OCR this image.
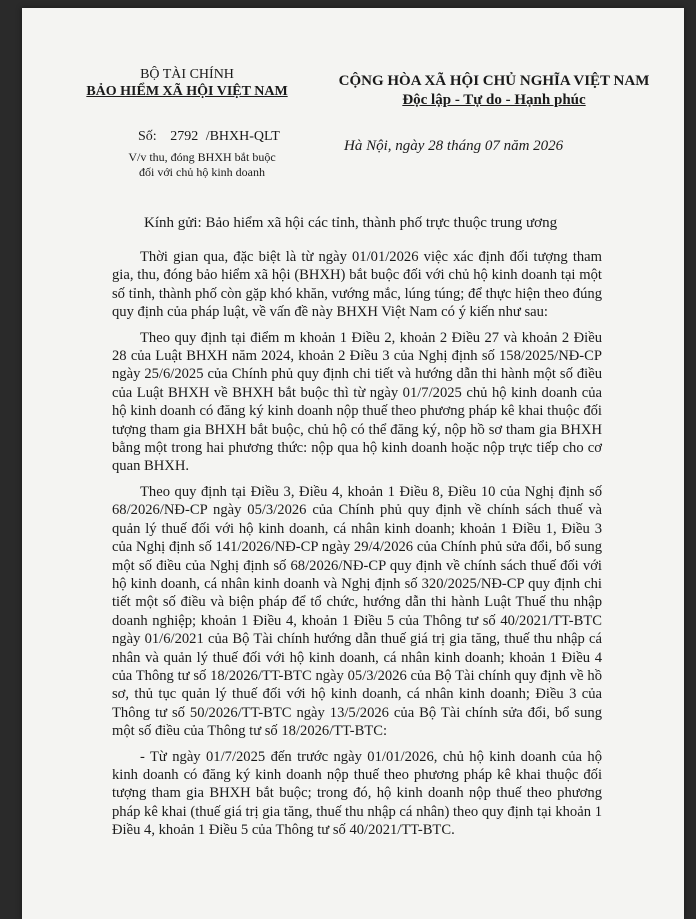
BỘ TÀI CHÍNH
BẢO HIỂM XÃ HỘI VIỆT NAM
CỘNG HÒA XÃ HỘI CHỦ NGHĨA VIỆT NAM
Độc lập - Tự do - Hạnh phúc
Số: 2792 /BHXH-QLT
V/v thu, đóng BHXH bắt buộc
đối với chủ hộ kinh doanh
Hà Nội, ngày 28 tháng 07 năm 2026
Kính gửi: Bảo hiểm xã hội các tỉnh, thành phố trực thuộc trung ương

Thời gian qua, đặc biệt là từ ngày 01/01/2026 việc xác định đối tượng tham gia, thu, đóng bảo hiểm xã hội (BHXH) bắt buộc đối với chủ hộ kinh doanh tại một số tỉnh, thành phố còn gặp khó khăn, vướng mắc, lúng túng; để thực hiện theo đúng quy định của pháp luật, về vấn đề này BHXH Việt Nam có ý kiến như sau:

Theo quy định tại điểm m khoản 1 Điều 2, khoản 2 Điều 27 và khoản 2 Điều 28 của Luật BHXH năm 2024, khoản 2 Điều 3 của Nghị định số 158/2025/NĐ-CP ngày 25/6/2025 của Chính phủ quy định chi tiết và hướng dẫn thi hành một số điều của Luật BHXH về BHXH bắt buộc thì từ ngày 01/7/2025 chủ hộ kinh doanh của hộ kinh doanh có đăng ký kinh doanh nộp thuế theo phương pháp kê khai thuộc đối tượng tham gia BHXH bắt buộc, chủ hộ có thể đăng ký, nộp hồ sơ tham gia BHXH bằng một trong hai phương thức: nộp qua hộ kinh doanh hoặc nộp trực tiếp cho cơ quan BHXH.

Theo quy định tại Điều 3, Điều 4, khoản 1 Điều 8, Điều 10 của Nghị định số 68/2026/NĐ-CP ngày 05/3/2026 của Chính phủ quy định về chính sách thuế và quản lý thuế đối với hộ kinh doanh, cá nhân kinh doanh; khoản 1 Điều 1, Điều 3 của Nghị định số 141/2026/NĐ-CP ngày 29/4/2026 của Chính phủ sửa đổi, bổ sung một số điều của Nghị định số 68/2026/NĐ-CP quy định về chính sách thuế đối với hộ kinh doanh, cá nhân kinh doanh và Nghị định số 320/2025/NĐ-CP quy định chi tiết một số điều và biện pháp để tổ chức, hướng dẫn thi hành Luật Thuế thu nhập doanh nghiệp; khoản 1 Điều 4, khoản 1 Điều 5 của Thông tư số 40/2021/TT-BTC ngày 01/6/2021 của Bộ Tài chính hướng dẫn thuế giá trị gia tăng, thuế thu nhập cá nhân và quản lý thuế đối với hộ kinh doanh, cá nhân kinh doanh; khoản 1 Điều 4 của Thông tư số 18/2026/TT-BTC ngày 05/3/2026 của Bộ Tài chính quy định về hồ sơ, thủ tục quản lý thuế đối với hộ kinh doanh, cá nhân kinh doanh; Điều 3 của Thông tư số 50/2026/TT-BTC ngày 13/5/2026 của Bộ Tài chính sửa đổi, bổ sung một số điều của Thông tư số 18/2026/TT-BTC:

- Từ ngày 01/7/2025 đến trước ngày 01/01/2026, chủ hộ kinh doanh của hộ kinh doanh có đăng ký kinh doanh nộp thuế theo phương pháp kê khai thuộc đối tượng tham gia BHXH bắt buộc; trong đó, hộ kinh doanh nộp thuế theo phương pháp kê khai (thuế giá trị gia tăng, thuế thu nhập cá nhân) theo quy định tại khoản 1 Điều 4, khoản 1 Điều 5 của Thông tư số 40/2021/TT-BTC.
